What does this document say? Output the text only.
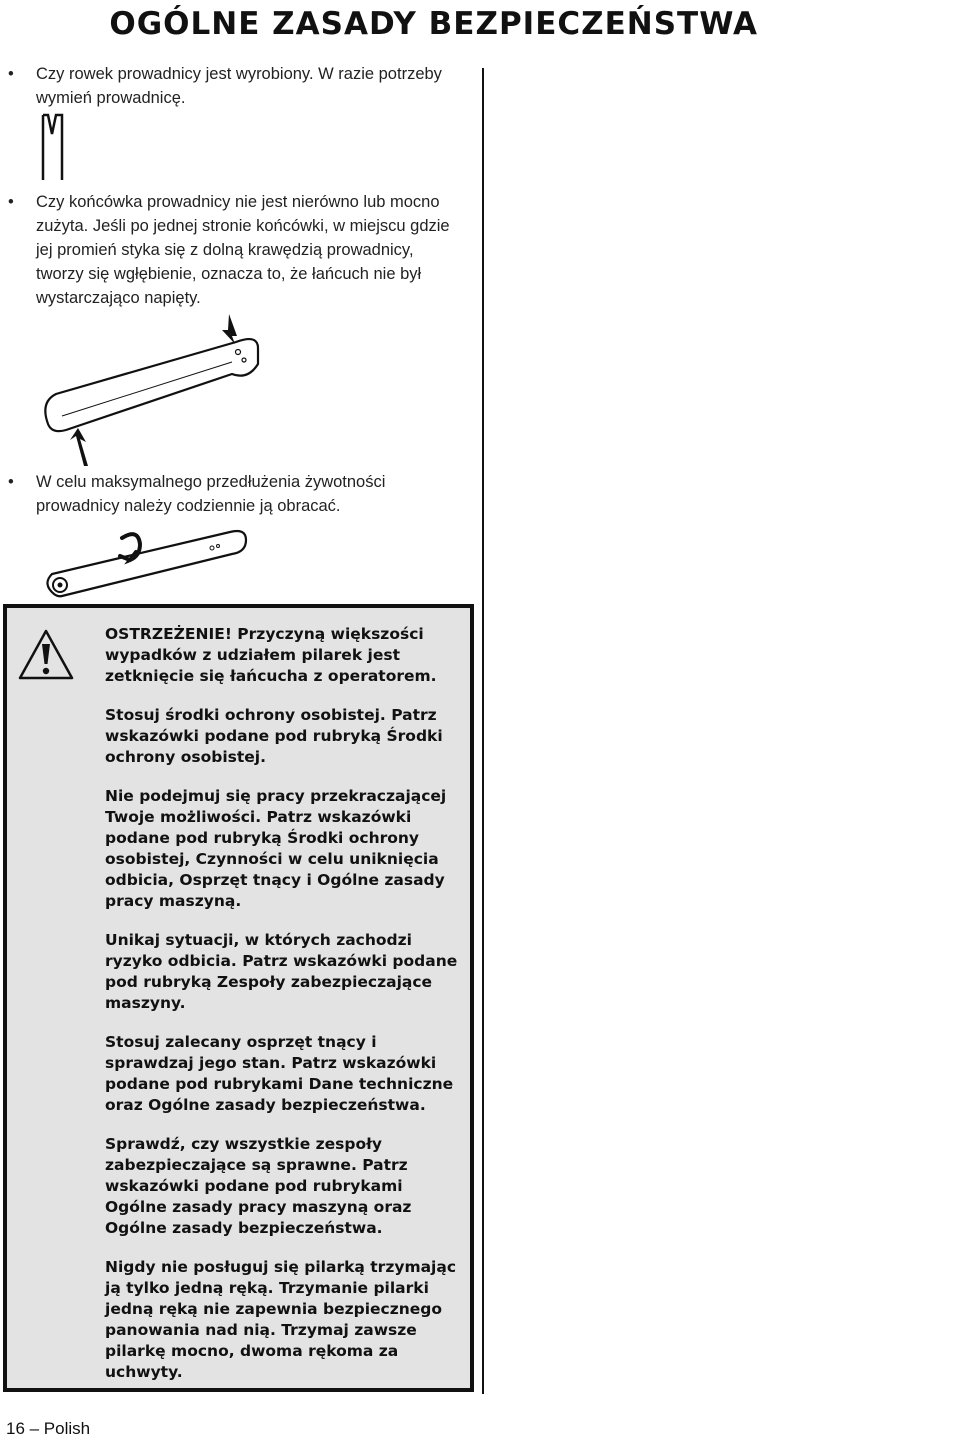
OGÓLNE ZASADY BEZPIECZEŃSTWA
• Czy rowek prowadnicy jest wyrobiony. W razie potrzeby wymień prowadnicę.
• Czy końcówka prowadnicy nie jest nierówno lub mocno zużyta. Jeśli po jednej stronie końcówki, w miejscu gdzie jej promień styka się z dolną krawędzią prowadnicy, tworzy się wgłębienie, oznacza to, że łańcuch nie był wystarczająco napięty.
• W celu maksymalnego przedłużenia żywotności prowadnicy należy codziennie ją obracać.

OSTRZEŻENIE! Przyczyną większości wypadków z udziałem pilarek jest zetknięcie się łańcucha z operatorem.

Stosuj środki ochrony osobistej. Patrz wskazówki podane pod rubryką Środki ochrony osobistej.

Nie podejmuj się pracy przekraczającej Twoje możliwości. Patrz wskazówki podane pod rubryką Środki ochrony osobistej, Czynności w celu uniknięcia odbicia, Osprzęt tnący i Ogólne zasady pracy maszyną.

Unikaj sytuacji, w których zachodzi ryzyko odbicia. Patrz wskazówki podane pod rubryką Zespoły zabezpieczające maszyny.

Stosuj zalecany osprzęt tnący i sprawdzaj jego stan. Patrz wskazówki podane pod rubrykami Dane techniczne oraz Ogólne zasady bezpieczeństwa.

Sprawdź, czy wszystkie zespoły zabezpieczające są sprawne. Patrz wskazówki podane pod rubrykami Ogólne zasady pracy maszyną oraz Ogólne zasady bezpieczeństwa.

Nigdy nie posługuj się pilarką trzymając ją tylko jedną ręką. Trzymanie pilarki jedną ręką nie zapewnia bezpiecznego panowania nad nią. Trzymaj zawsze pilarkę mocno, dwoma rękoma za uchwyty.

16 – Polish
